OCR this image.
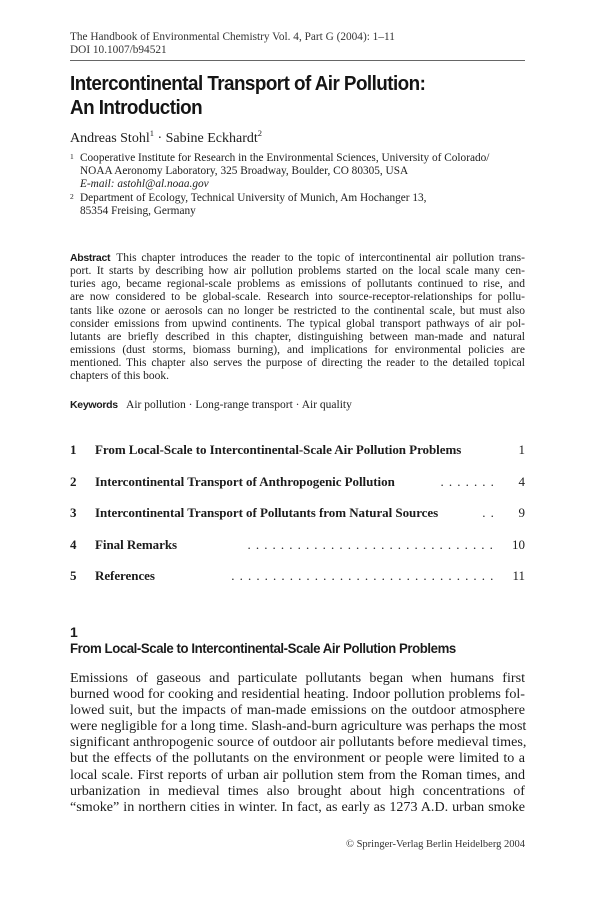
The Handbook of Environmental Chemistry Vol. 4, Part G (2004): 1–11
DOI 10.1007/b94521
Intercontinental Transport of Air Pollution:
An Introduction
Andreas Stohl$^1$ · Sabine Eckhardt$^2$
1 Cooperative Institute for Research in the Environmental Sciences, University of Colorado/
NOAA Aeronomy Laboratory, 325 Broadway, Boulder, CO 80305, USA
E-mail: astohl@al.noaa.gov
2 Department of Ecology, Technical University of Munich, Am Hochanger 13,
85354 Freising, Germany
Abstract This chapter introduces the reader to the topic of intercontinental air pollution trans-
port. It starts by describing how air pollution problems started on the local scale many cen-
turies ago, became regional-scale problems as emissions of pollutants continued to rise, and
are now considered to be global-scale. Research into source-receptor-relationships for pollu-
tants like ozone or aerosols can no longer be restricted to the continental scale, but must also
consider emissions from upwind continents. The typical global transport pathways of air pol-
lutants are briefly described in this chapter, distinguishing between man-made and natural
emissions (dust storms, biomass burning), and implications for environmental policies are
mentioned. This chapter also serves the purpose of directing the reader to the detailed topical
chapters of this book.
Keywords Air pollution · Long-range transport · Air quality
1	From Local-Scale to Intercontinental-Scale Air Pollution Problems	1
2	Intercontinental Transport of Anthropogenic Pollution	.......	4
3	Intercontinental Transport of Pollutants from Natural Sources	..	9
4	Final Remarks	..............................	10
5	References	................................	11
1
From Local-Scale to Intercontinental-Scale Air Pollution Problems
Emissions of gaseous and particulate pollutants began when humans first
burned wood for cooking and residential heating. Indoor pollution problems fol-
lowed suit, but the impacts of man-made emissions on the outdoor atmosphere
were negligible for a long time. Slash-and-burn agriculture was perhaps the most
significant anthropogenic source of outdoor air pollutants before medieval times,
but the effects of the pollutants on the environment or people were limited to a
local scale. First reports of urban air pollution stem from the Roman times, and
urbanization in medieval times also brought about high concentrations of
“smoke” in northern cities in winter. In fact, as early as 1273 A.D. urban smoke
© Springer-Verlag Berlin Heidelberg 2004
